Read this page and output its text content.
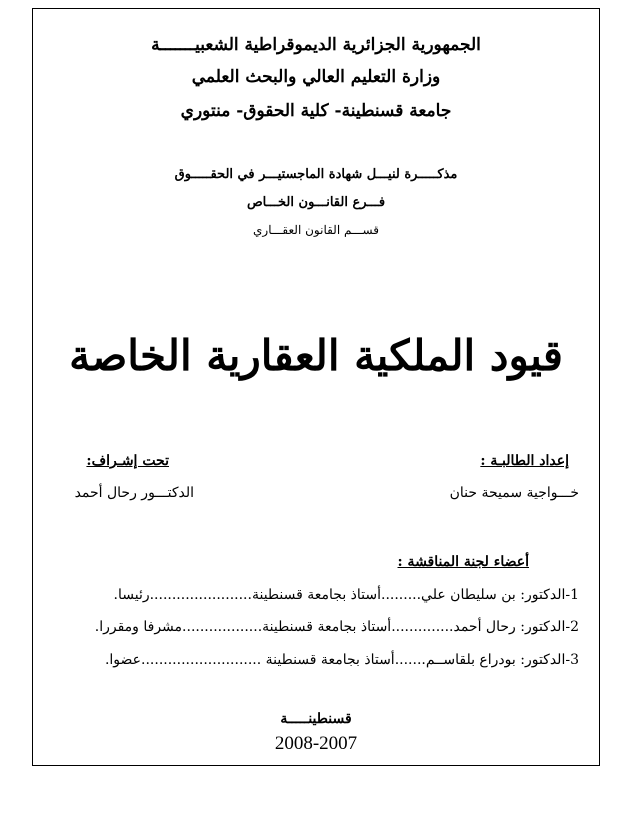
الجمهورية الجزائرية الديموقراطية الشعبيـــــــة
وزارة التعليم العالي والبحث العلمي
جامعة قسنطينة- كلية الحقوق- منتوري
مذكـــــرة لنيـــل شهادة الماجستيـــر في الحقـــــوق
فـــرع القانـــون الخـــاص
قســـم القانون العقـــاري
قيود الملكية العقارية الخاصة
إعداد الطالبـة :
خـــواجية سميحة حنان
تحت إشـراف:
الدكتـــور رحال أحمد
أعضاء لجنة المناقشة :
1-الدكتور: بن سليطان علي.........أستاذ بجامعة قسنطينة.......................رئيسا.
2-الدكتور: رحال أحمد..............أستاذ بجامعة قسنطينة..................مشرفا ومقررا.
3-الدكتور: بودراع بلقاســم.......أستاذ بجامعة قسنطينة ...........................عضوا.
قسنطينـــــة
2008-2007
